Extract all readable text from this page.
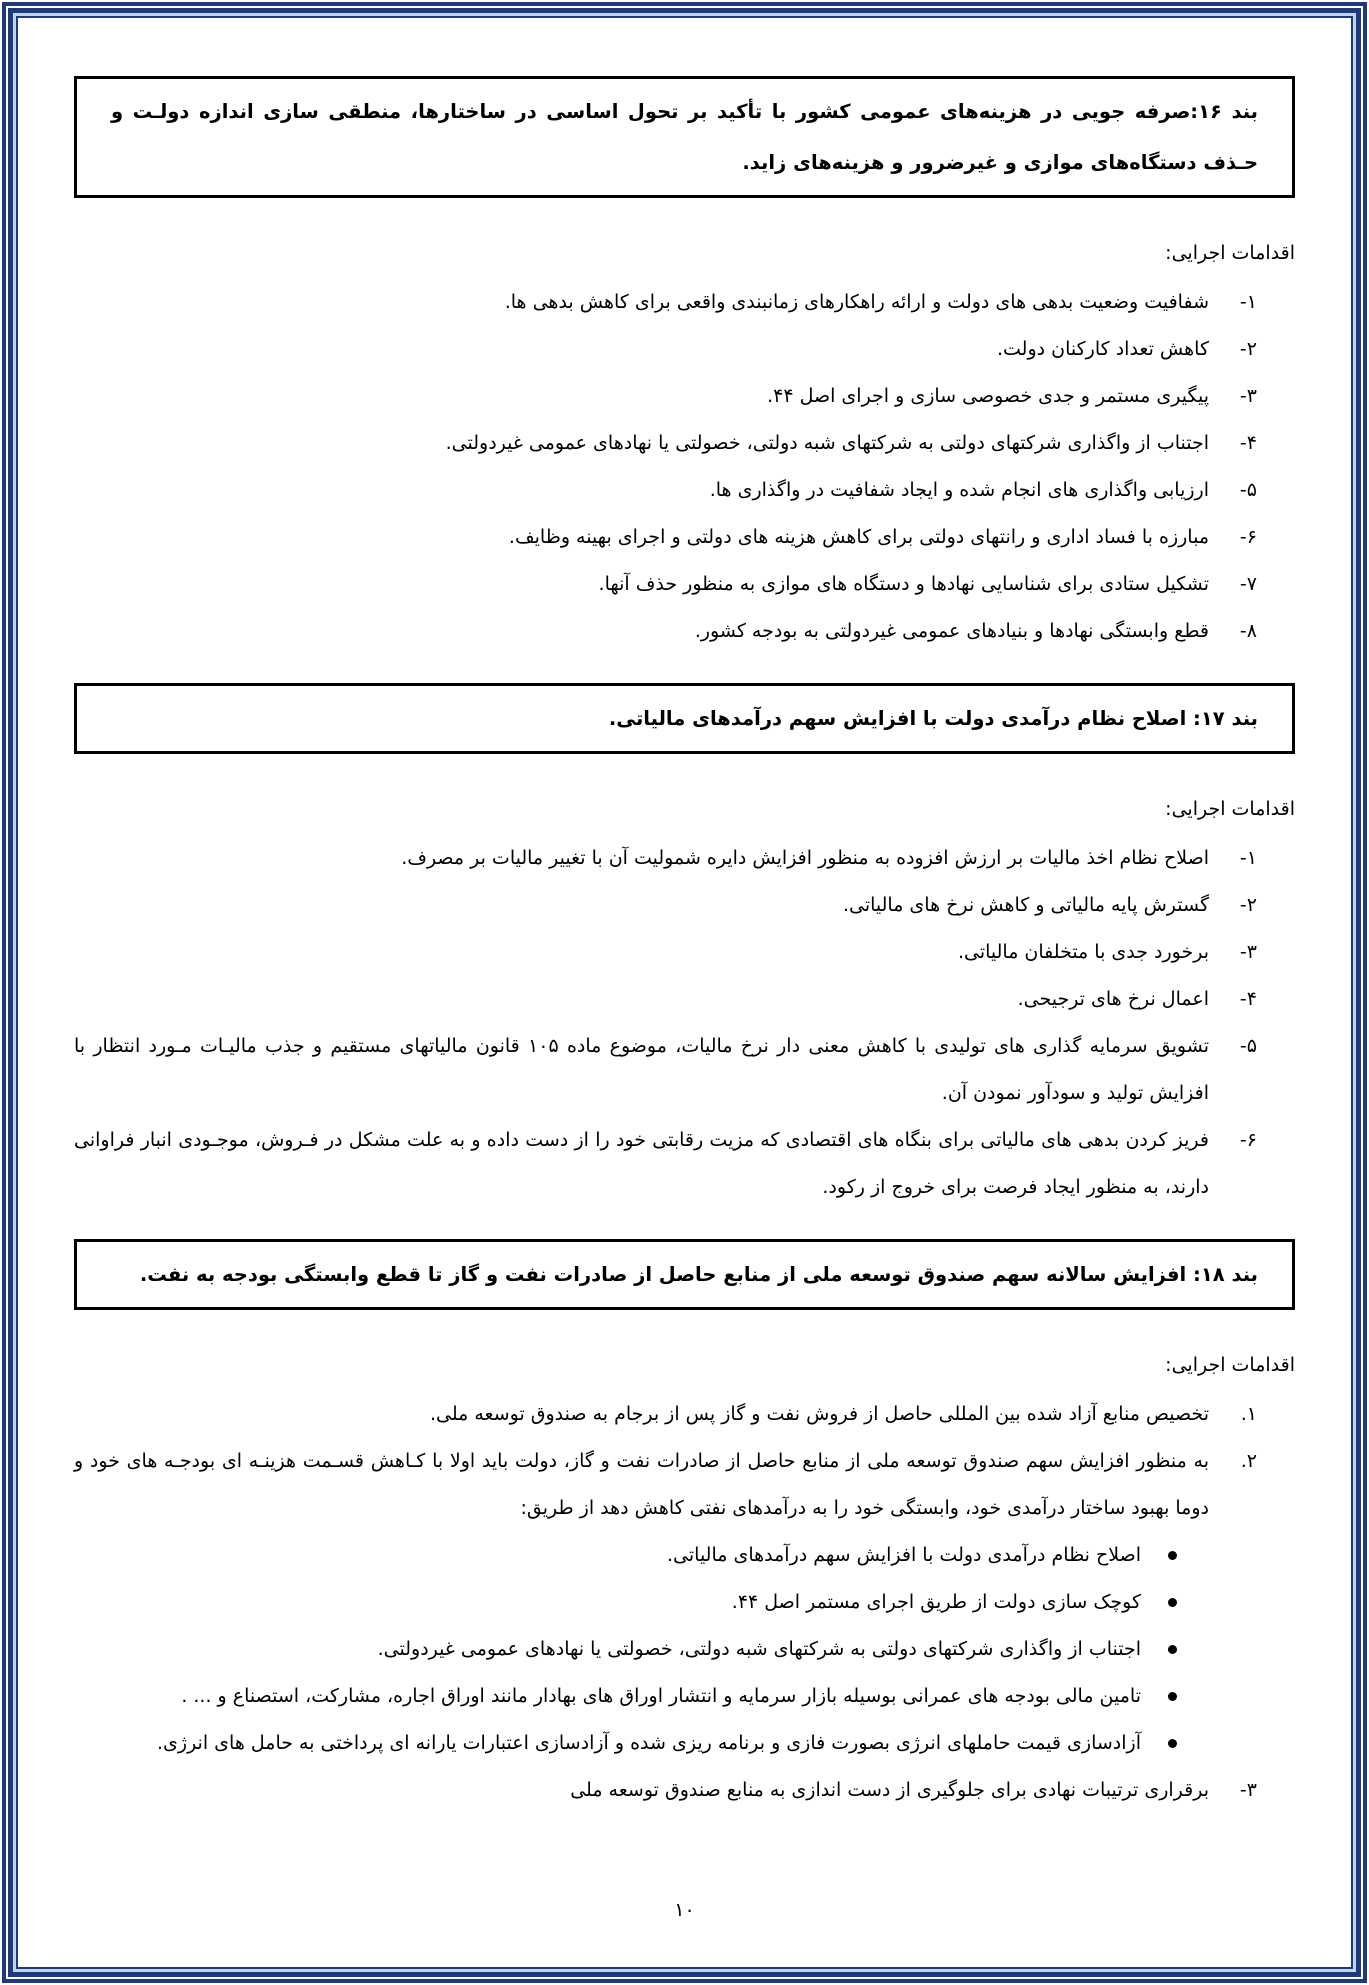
بند ۱۶:صرفه جویی در هزینه‌های عمومی کشور با تأکید بر تحول اساسی در ساختارها، منطقی سازی اندازه دولـت و حـذف دستگاه‌های موازی و غیرضرور و هزینه‌های زاید.
اقدامات اجرایی:
۱-
شفافیت وضعیت بدهی های دولت و ارائه راهکارهای زمانبندی واقعی برای کاهش بدهی ها.
۲-
کاهش تعداد کارکنان دولت.
۳-
پیگیری مستمر و جدی خصوصی سازی و اجرای اصل ۴۴.
۴-
اجتناب از واگذاری شرکتهای دولتی به شرکتهای شبه دولتی، خصولتی یا نهادهای عمومی غیردولتی.
۵-
ارزیابی واگذاری های انجام شده و ایجاد شفافیت در واگذاری ها.
۶-
مبارزه با فساد اداری و رانتهای دولتی برای کاهش هزینه های دولتی و اجرای بهینه وظایف.
۷-
تشکیل ستادی برای شناسایی نهادها و دستگاه های موازی به منظور حذف آنها.
۸-
قطع وابستگی نهادها و بنیادهای عمومی غیردولتی به بودجه کشور.
بند ۱۷: اصلاح نظام درآمدی دولت با افزایش سهم درآمدهای مالیاتی.
اقدامات اجرایی:
۱-
اصلاح نظام اخذ مالیات بر ارزش افزوده به منظور افزایش دایره شمولیت آن با تغییر مالیات بر مصرف.
۲-
گسترش پایه مالیاتی و کاهش نرخ های مالیاتی.
۳-
برخورد جدی با متخلفان مالیاتی.
۴-
اعمال نرخ های ترجیحی.
۵-
تشویق سرمایه گذاری های تولیدی با کاهش معنی دار نرخ مالیات، موضوع ماده ۱۰۵ قانون مالیاتهای مستقیم و جذب مالیـات مـورد انتظار با افزایش تولید و سودآور نمودن آن.
۶-
فریز کردن بدهی های مالیاتی برای بنگاه های اقتصادی که مزیت رقابتی خود را از دست داده و به علت مشکل در فـروش، موجـودی انبار فراوانی دارند، به منظور ایجاد فرصت برای خروج از رکود.
بند ۱۸: افزایش سالانه سهم صندوق توسعه ملی از منابع حاصل از صادرات نفت و گاز تا قطع وابستگی بودجه به نفت.
اقدامات اجرایی:
۱.
تخصیص منابع آزاد شده بین المللی حاصل از فروش نفت و گاز پس از برجام به صندوق توسعه ملی.
۲.
به منظور افزایش سهم صندوق توسعه ملی از منابع حاصل از صادرات نفت و گاز، دولت باید اولا با کـاهش قسـمت هزینـه ای بودجـه های خود و دوما بهبود ساختار درآمدی خود، وابستگی خود را به درآمدهای نفتی کاهش دهد از طریق:
اصلاح نظام درآمدی دولت با افزایش سهم درآمدهای مالیاتی.
کوچک سازی دولت از طریق اجرای مستمر اصل ۴۴.
اجتناب از واگذاری شرکتهای دولتی به شرکتهای شبه دولتی، خصولتی یا نهادهای عمومی غیردولتی.
تامین مالی بودجه های عمرانی بوسیله بازار سرمایه و انتشار اوراق های بهادار مانند اوراق اجاره، مشارکت، استصناع و ... .
آزادسازی قیمت حاملهای انرژی بصورت فازی و برنامه ریزی شده و آزادسازی اعتبارات یارانه ای پرداختی به حامل های انرژی.
۳-
برقراری ترتیبات نهادی برای جلوگیری از دست اندازی به منابع صندوق توسعه ملی
۱۰
